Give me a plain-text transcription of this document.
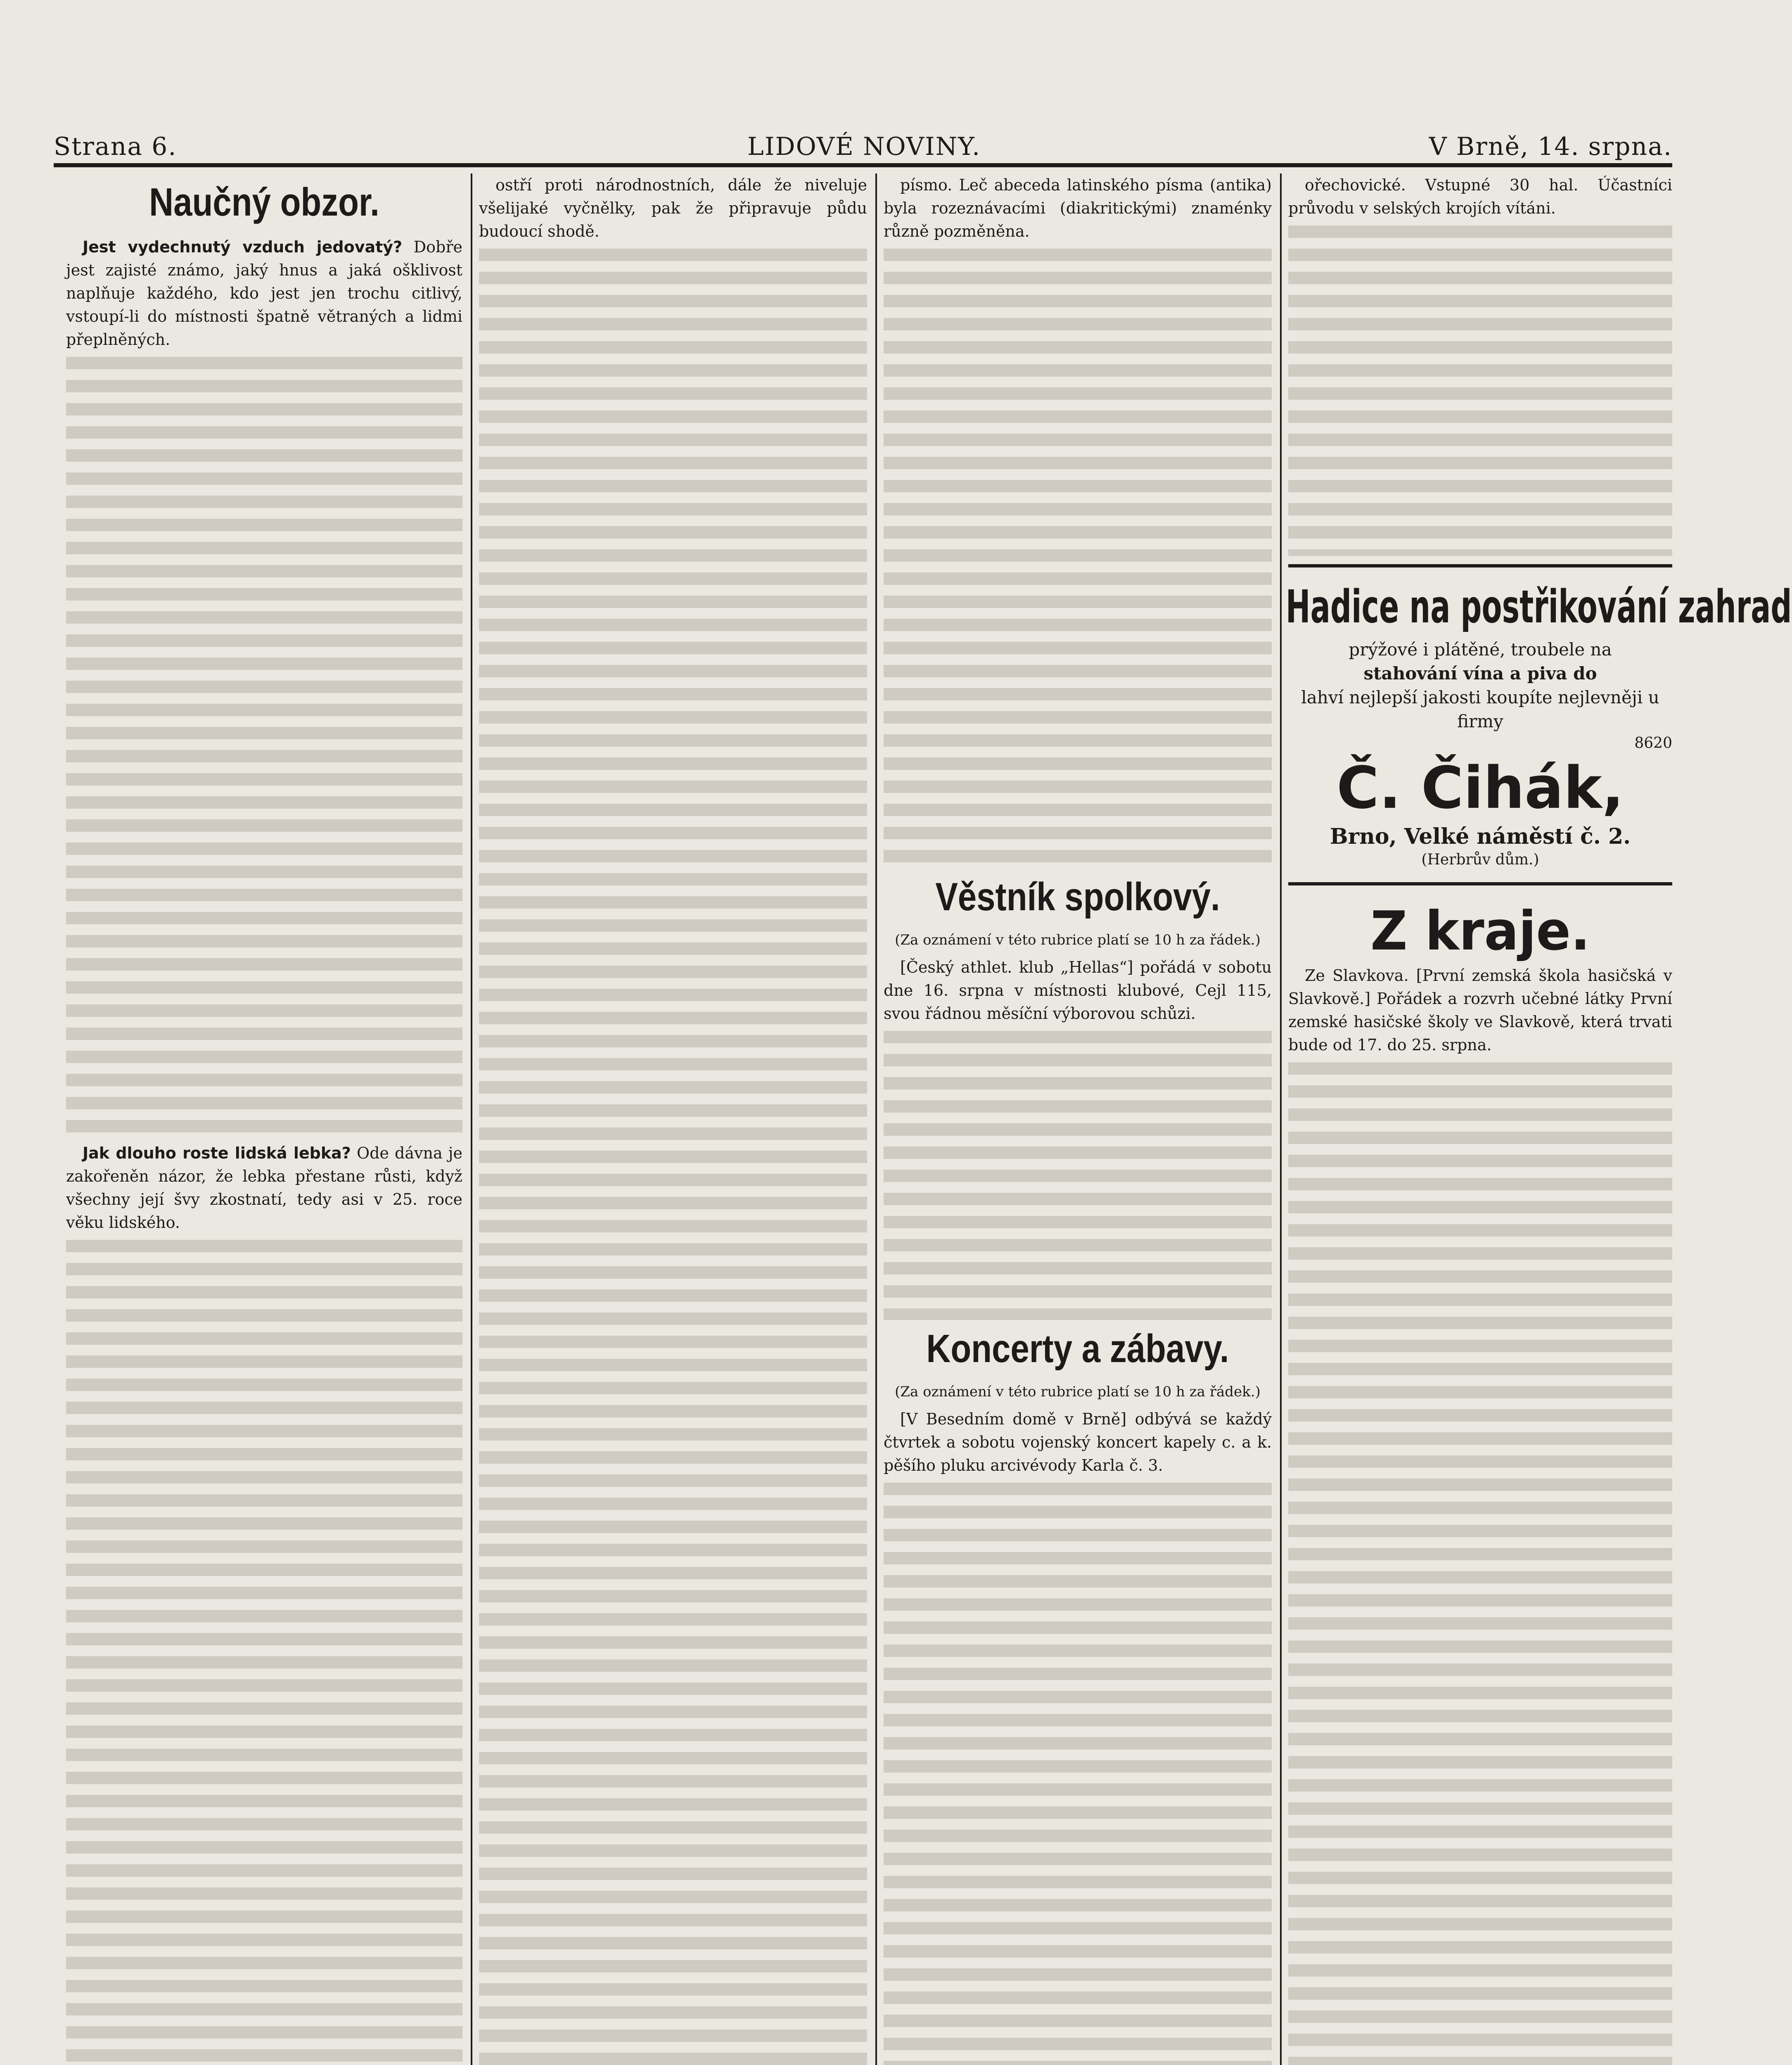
Strana 6.	LIDOVÉ NOVINY.	V Brně, 14. srpna.
Naučný obzor.

Jest vydechnutý vzduch jedovatý? Dobře jest zajisté známo, jaký hnus a jaká ošklivost naplňuje každého, kdo jest jen trochu citlivý, vstoupí-li do místnosti špatně větraných a lidmi přeplněných.

Jak dlouho roste lidská lebka? Ode dávna je zakořeněn názor, že lebka přestane růsti, když všechny její švy zkostnatí, tedy asi v 25. roce věku lidského.

ostří proti národnostních, dále že niveluje všelijaké vyčnělky, pak že připravuje půdu budoucí shodě.

písmo. Leč abeceda latinského písma (antika) byla rozeznávacími (diakritickými) znaménky různě pozměněna.

Věstník spolkový.
(Za oznámení v této rubrice platí se 10 h za řádek.)

[Český athlet. klub „Hellas“] pořádá v sobotu dne 16. srpna v místnosti klubové, Cejl 115, svou řádnou měsíční výborovou schůzi.

Koncerty a zábavy.
(Za oznámení v této rubrice platí se 10 h za řádek.)

[V Besedním domě v Brně] odbývá se každý čtvrtek a sobotu vojenský koncert kapely c. a k. pěšího pluku arcivévody Karla č. 3.

ořechovické. Vstupné 30 hal. Účastníci průvodu v selských krojích vítáni.

Hadice na postřikování zahrad
prýžové i plátěné, troubele na
stahování vína a piva do
lahví nejlepší jakosti koupíte nejlevněji u firmy
8620
Č. Čihák,
Brno, Velké náměstí č. 2.
(Herbrův dům.)
Z kraje.

Ze Slavkova. [První zemská škola hasičská v Slavkově.] Pořádek a rozvrh učebné látky První zemské hasičské školy ve Slavkově, která trvati bude od 17. do 25. srpna.
